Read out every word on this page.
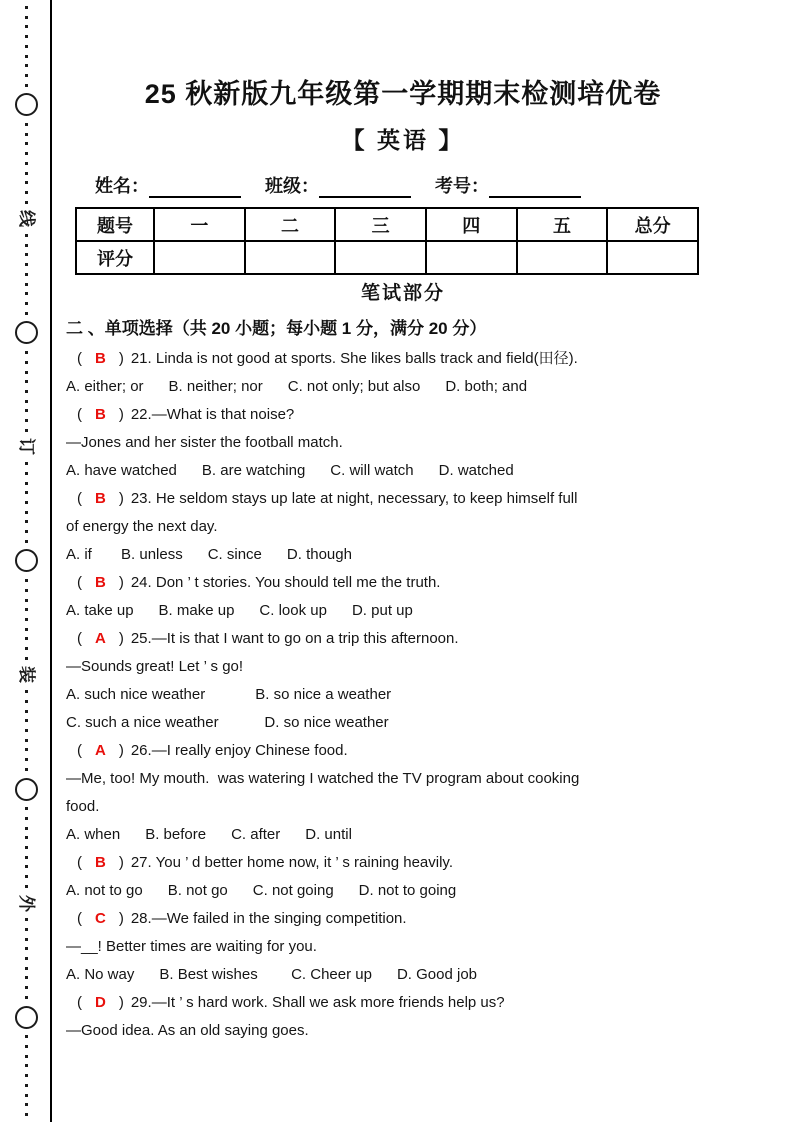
线
订
装
外
25 秋新版九年级第一学期期末检测培优卷
【 英语 】
姓名：	班级：	考号：
题号	一	二	三	四	五	总分
评分						
笔试部分
二 、单项选择（共 20 小题；每小题 1 分，满分 20 分）
( B ) 21. Linda is not good at sports. She likes balls track and field(田径).
A. either; or      B. neither; nor      C. not only; but also      D. both; and
( B ) 22.—What is that noise?
—Jones and her sister the football match.
A. have watched      B. are watching      C. will watch      D. watched
( B ) 23. He seldom stays up late at night, necessary, to keep himself full
of energy the next day.
A. if       B. unless      C. since      D. though
( B ) 24. Don ’ t stories. You should tell me the truth.
A. take up      B. make up      C. look up      D. put up
( A ) 25.—It is that I want to go on a trip this afternoon.
—Sounds great! Let ’ s go!
A. such nice weather            B. so nice a weather
C. such a nice weather           D. so nice weather
( A ) 26.—I really enjoy Chinese food.
—Me, too! My mouth.  was watering I watched the TV program about cooking
food.
A. when      B. before      C. after      D. until
( B ) 27. You ’ d better home now, it ’ s raining heavily.
A. not to go      B. not go      C. not going      D. not to going
( C ) 28.—We failed in the singing competition.
—__! Better times are waiting for you.
A. No way      B. Best wishes        C. Cheer up      D. Good job
( D ) 29.—It ’ s hard work. Shall we ask more friends help us?
—Good idea. As an old saying goes.
